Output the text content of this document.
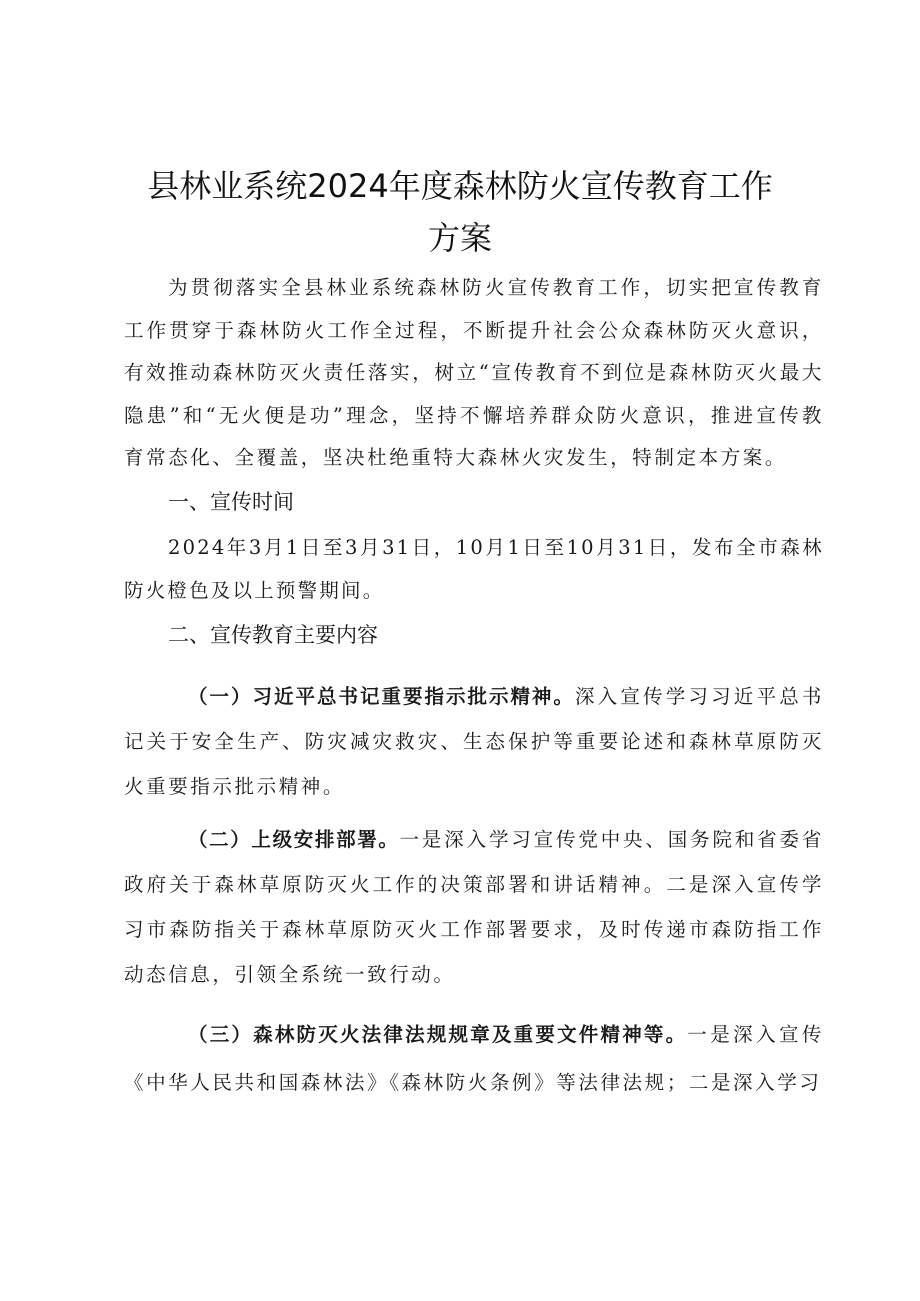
县林业系统2024年度森林防火宣传教育工作
方案
为贯彻落实全县林业系统森林防火宣传教育工作，切实把宣传教育工作贯穿于森林防火工作全过程，不断提升社会公众森林防灭火意识，有效推动森林防灭火责任落实，树立“宣传教育不到位是森林防灭火最大隐患”和“无火便是功”理念，坚持不懈培养群众防火意识，推进宣传教育常态化、全覆盖，坚决杜绝重特大森林火灾发生，特制定本方案。
一、宣传时间
2024年3月1日至3月31日，10月1日至10月31日，发布全市森林防火橙色及以上预警期间。
二、宣传教育主要内容
（一）习近平总书记重要指示批示精神。深入宣传学习习近平总书记关于安全生产、防灾减灾救灾、生态保护等重要论述和森林草原防灭火重要指示批示精神。
（二）上级安排部署。一是深入学习宣传党中央、国务院和省委省政府关于森林草原防灭火工作的决策部署和讲话精神。二是深入宣传学习市森防指关于森林草原防灭火工作部署要求，及时传递市森防指工作动态信息，引领全系统一致行动。
（三）森林防灭火法律法规规章及重要文件精神等。一是深入宣传《中华人民共和国森林法》《森林防火条例》等法律法规；二是深入学习
